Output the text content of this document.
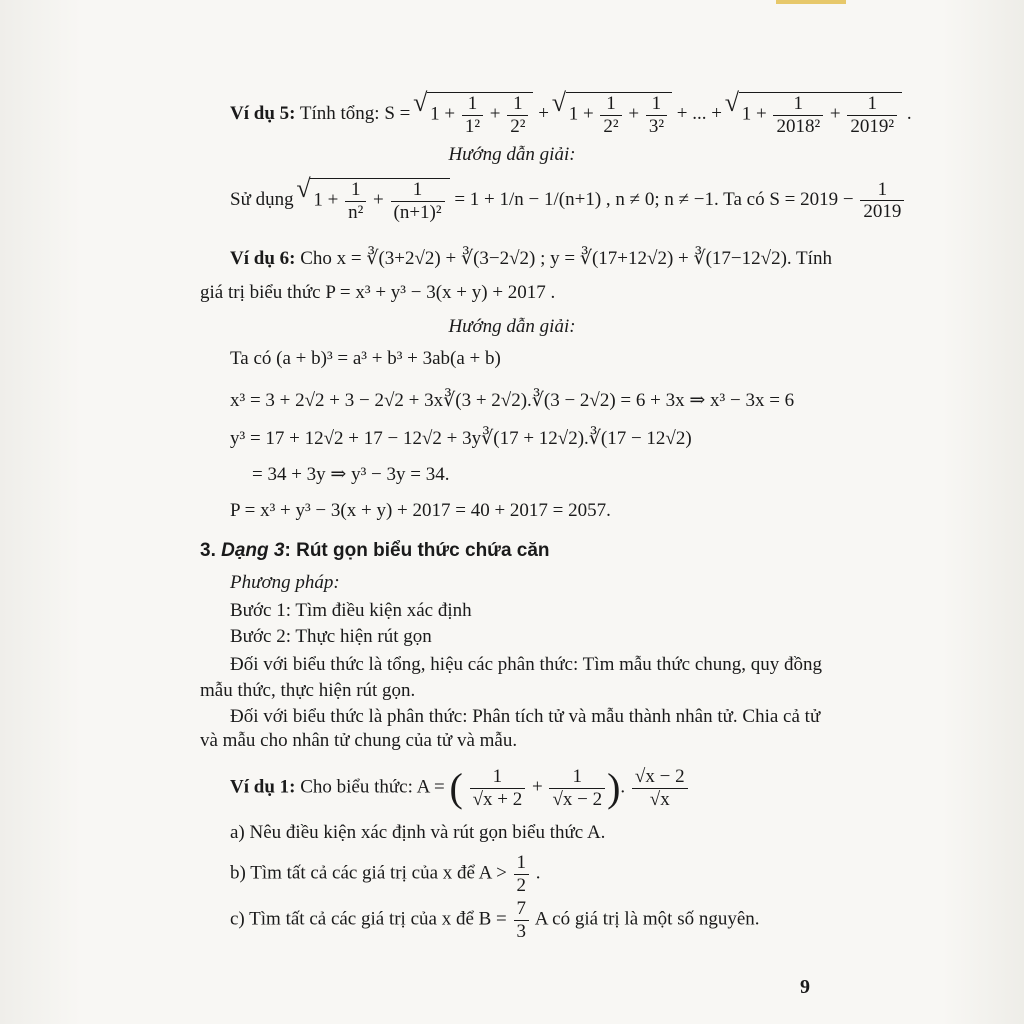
Ví dụ 5: Tính tổng: S = √ $1 + \frac{1}{\text{1²}} + \frac{1}{\text{2²}}$ + √ $1 + \frac{1}{\text{2²}} + \frac{1}{\text{3²}}$ + ... + √ $1 + \frac{1}{\text{2018²}} + \frac{1}{\text{2019²}}$ .
Hướng dẫn giải:
Sử dụng √ $1 + \frac{1}{\text{n²}} + \frac{1}{\text{(n+1)²}} = 1 + 1/n - 1/(n+1)$ , n ≠ 0; n ≠ −1. Ta có $S = 2019 - \frac{1}{2019}$
Ví dụ 6: Cho x = ∛(3+2√2) + ∛(3−2√2) ; y = ∛(17+12√2) + ∛(17−12√2). Tính
giá trị biểu thức P = x³ + y³ − 3(x + y) + 2017 .
Hướng dẫn giải:
Ta có (a + b)³ = a³ + b³ + 3ab(a + b)
x³ = 3 + 2√2 + 3 − 2√2 + 3x∛(3 + 2√2).∛(3 − 2√2) = 6 + 3x ⇒ x³ − 3x = 6
y³ = 17 + 12√2 + 17 − 12√2 + 3y∛(17 + 12√2).∛(17 − 12√2)
= 34 + 3y ⇒ y³ − 3y = 34.
P = x³ + y³ − 3(x + y) + 2017 = 40 + 2017 = 2057.
3. Dạng 3: Rút gọn biểu thức chứa căn
Phương pháp:
Bước 1: Tìm điều kiện xác định
Bước 2: Thực hiện rút gọn
Đối với biểu thức là tổng, hiệu các phân thức: Tìm mẫu thức chung, quy đồng
mẫu thức, thực hiện rút gọn.
Đối với biểu thức là phân thức: Phân tích tử và mẫu thành nhân tử. Chia cả tử
và mẫu cho nhân tử chung của tử và mẫu.
Ví dụ 1: Cho biểu thức: A = ( $\frac{1}{√x + 2} + \frac{1}{√x - 2}$ ). $\frac{√x - 2}{√x}$
a) Nêu điều kiện xác định và rút gọn biểu thức A.
b) Tìm tất cả các giá trị của x để $A > \frac{1}{2}$ .
c) Tìm tất cả các giá trị của x để $B = \frac{7}{3}$ A có giá trị là một số nguyên.
9
